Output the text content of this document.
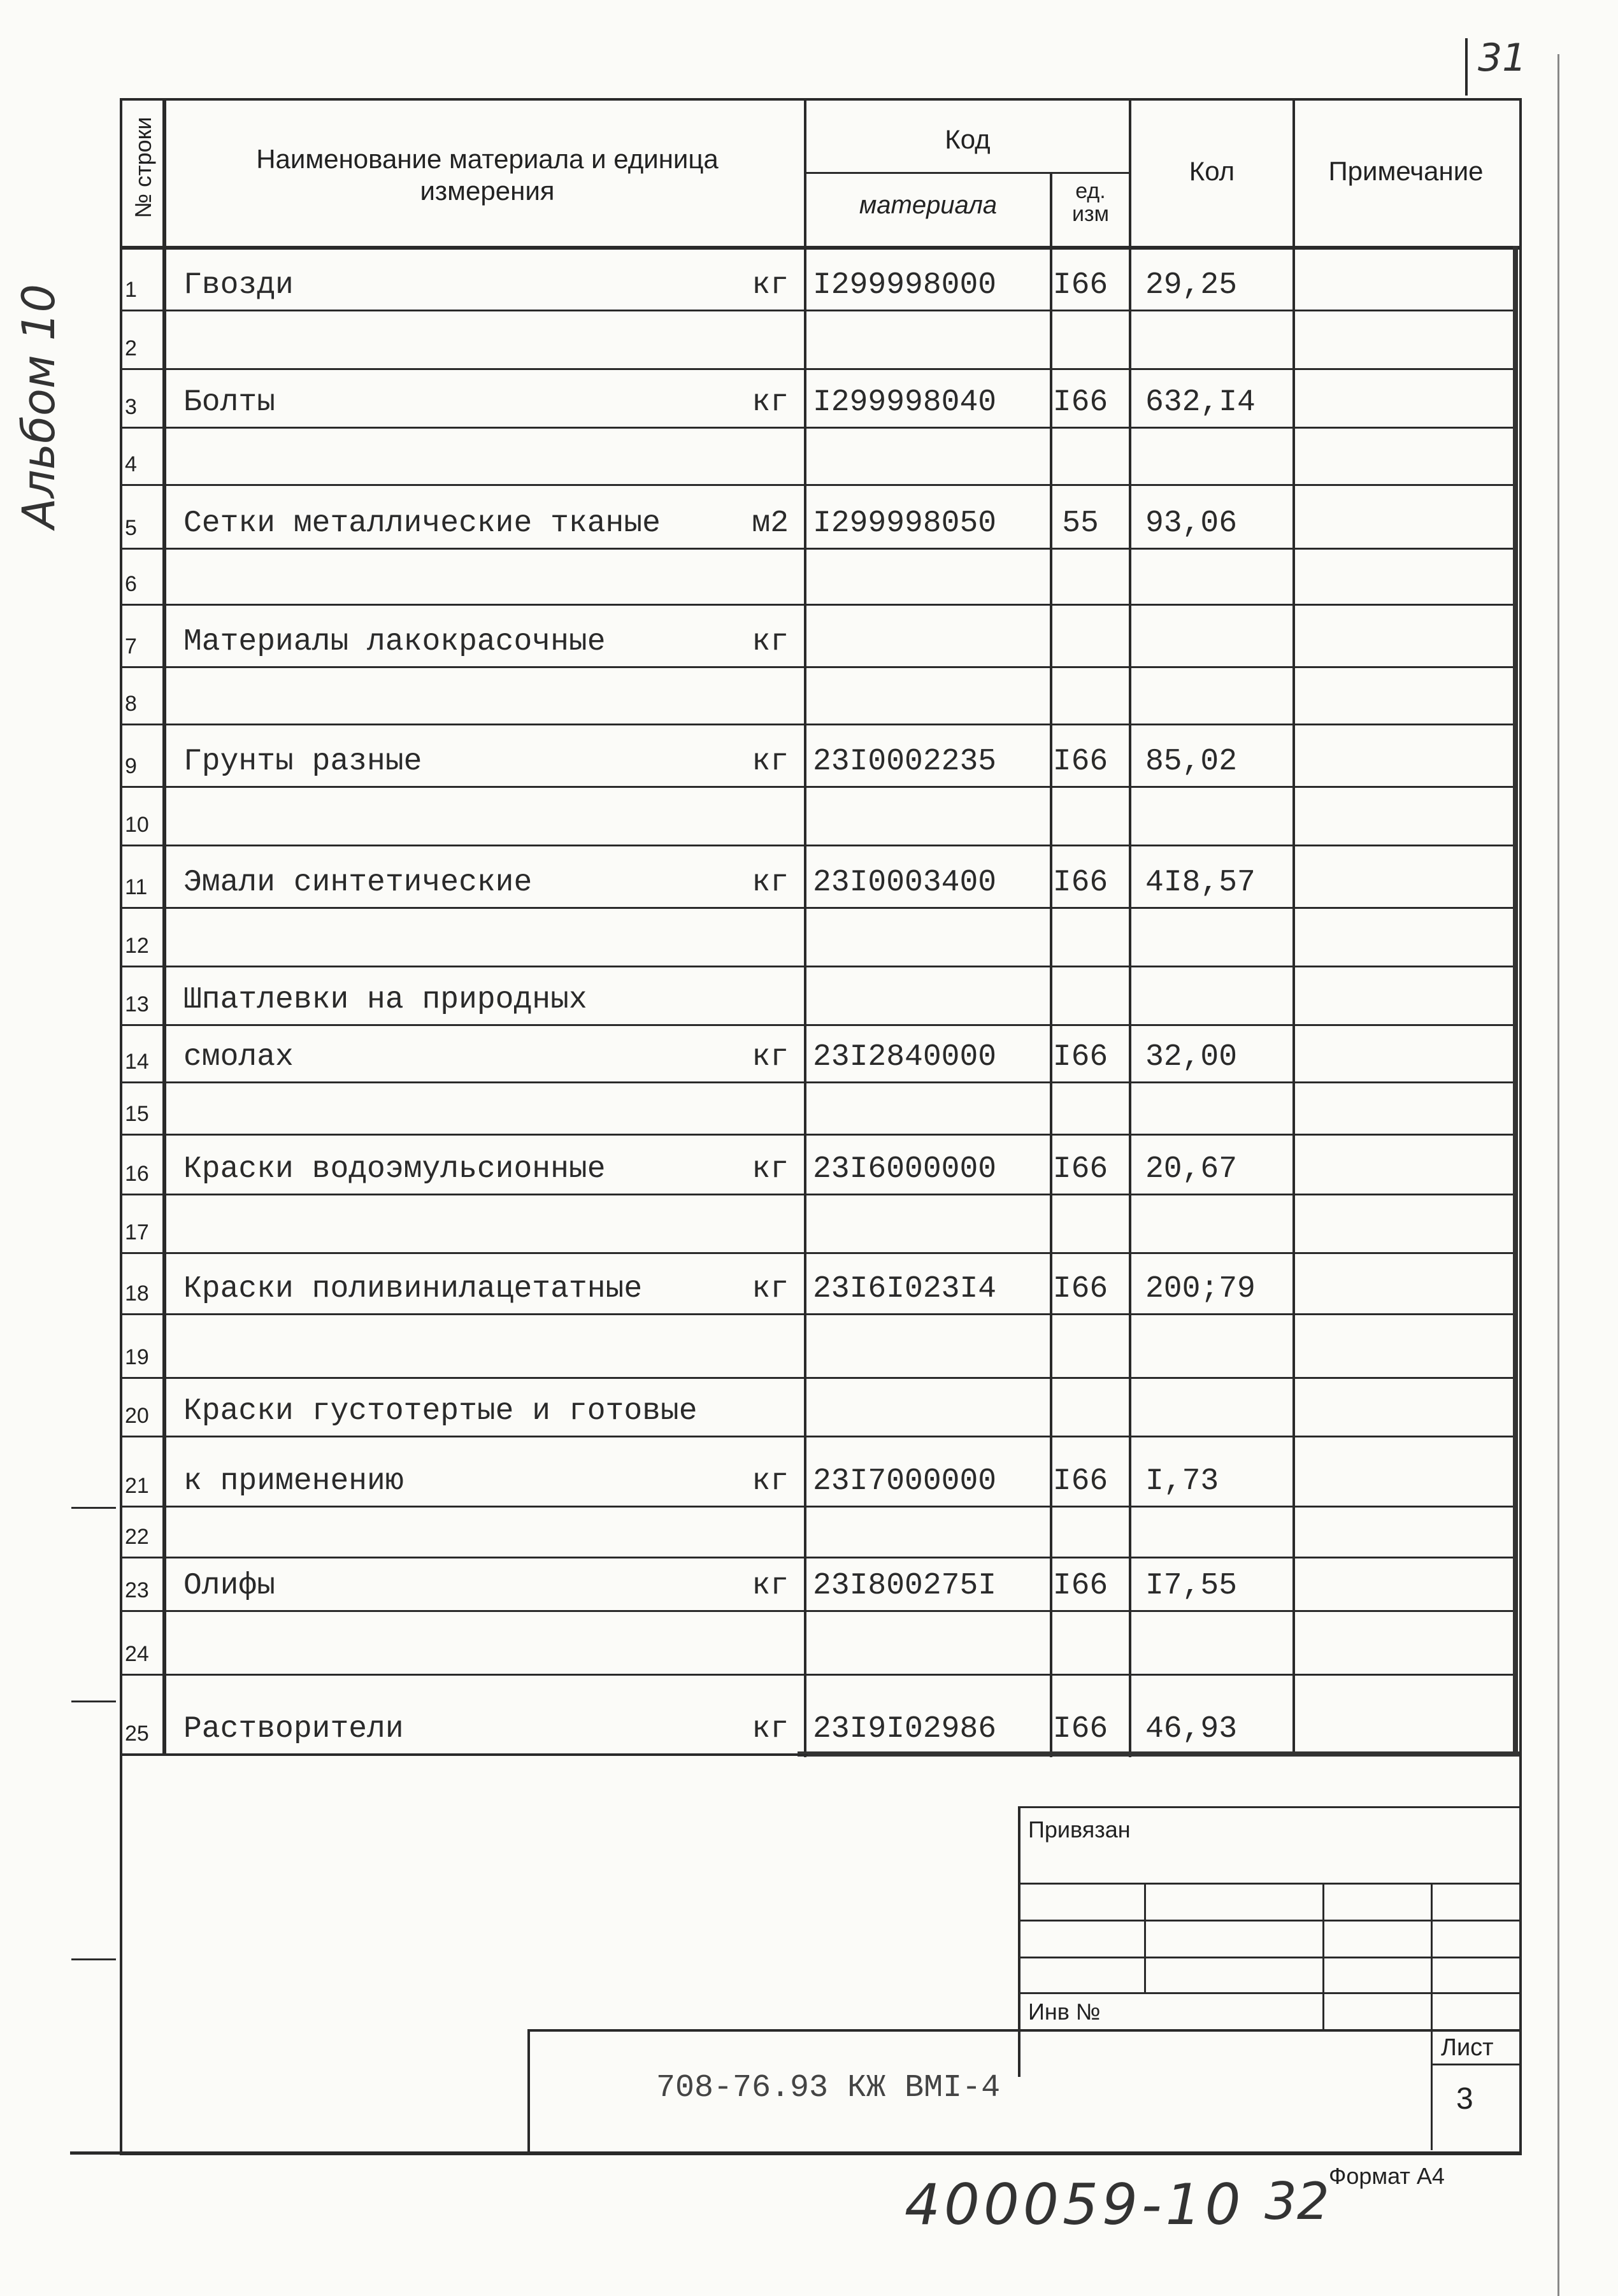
31
Альбом 10
№ строки	Наименование материала и единица измерения
Код
материала	ед. изм
Кол	Примечание
1	Гвозди	кг I299998000	I66	29,25
2
3	Болты	кг I299998040	I66	632,I4
4
5	Сетки металлические тканые	м2 I299998050	55	93,06
6
7	Материалы лакокрасочные	кг
8
9	Грунты разные	кг 23I0002235	I66	85,02
10
11	Эмали синтетические	кг 23I0003400	I66	4I8,57
12
13	Шпатлевки на природных
14	смолах	кг 23I2840000	I66	32,00
15
16	Краски водоэмульсионные	кг 23I6000000	I66	20,67
17
18	Краски поливинилацетатные	кг 23I6I023I4	I66	200;79
19
20	Краски густотертые и готовые
21	к применению	кг 23I7000000	I66	I,73
22
23	Олифы	кг 23I800275I	I66	I7,55
24
25	Растворители	кг 23I9I02986	I66	46,93
Привязан
Инв №
708-76.93 КЖ ВМI-4
Лист
3
Формат А4
400059-10 32
